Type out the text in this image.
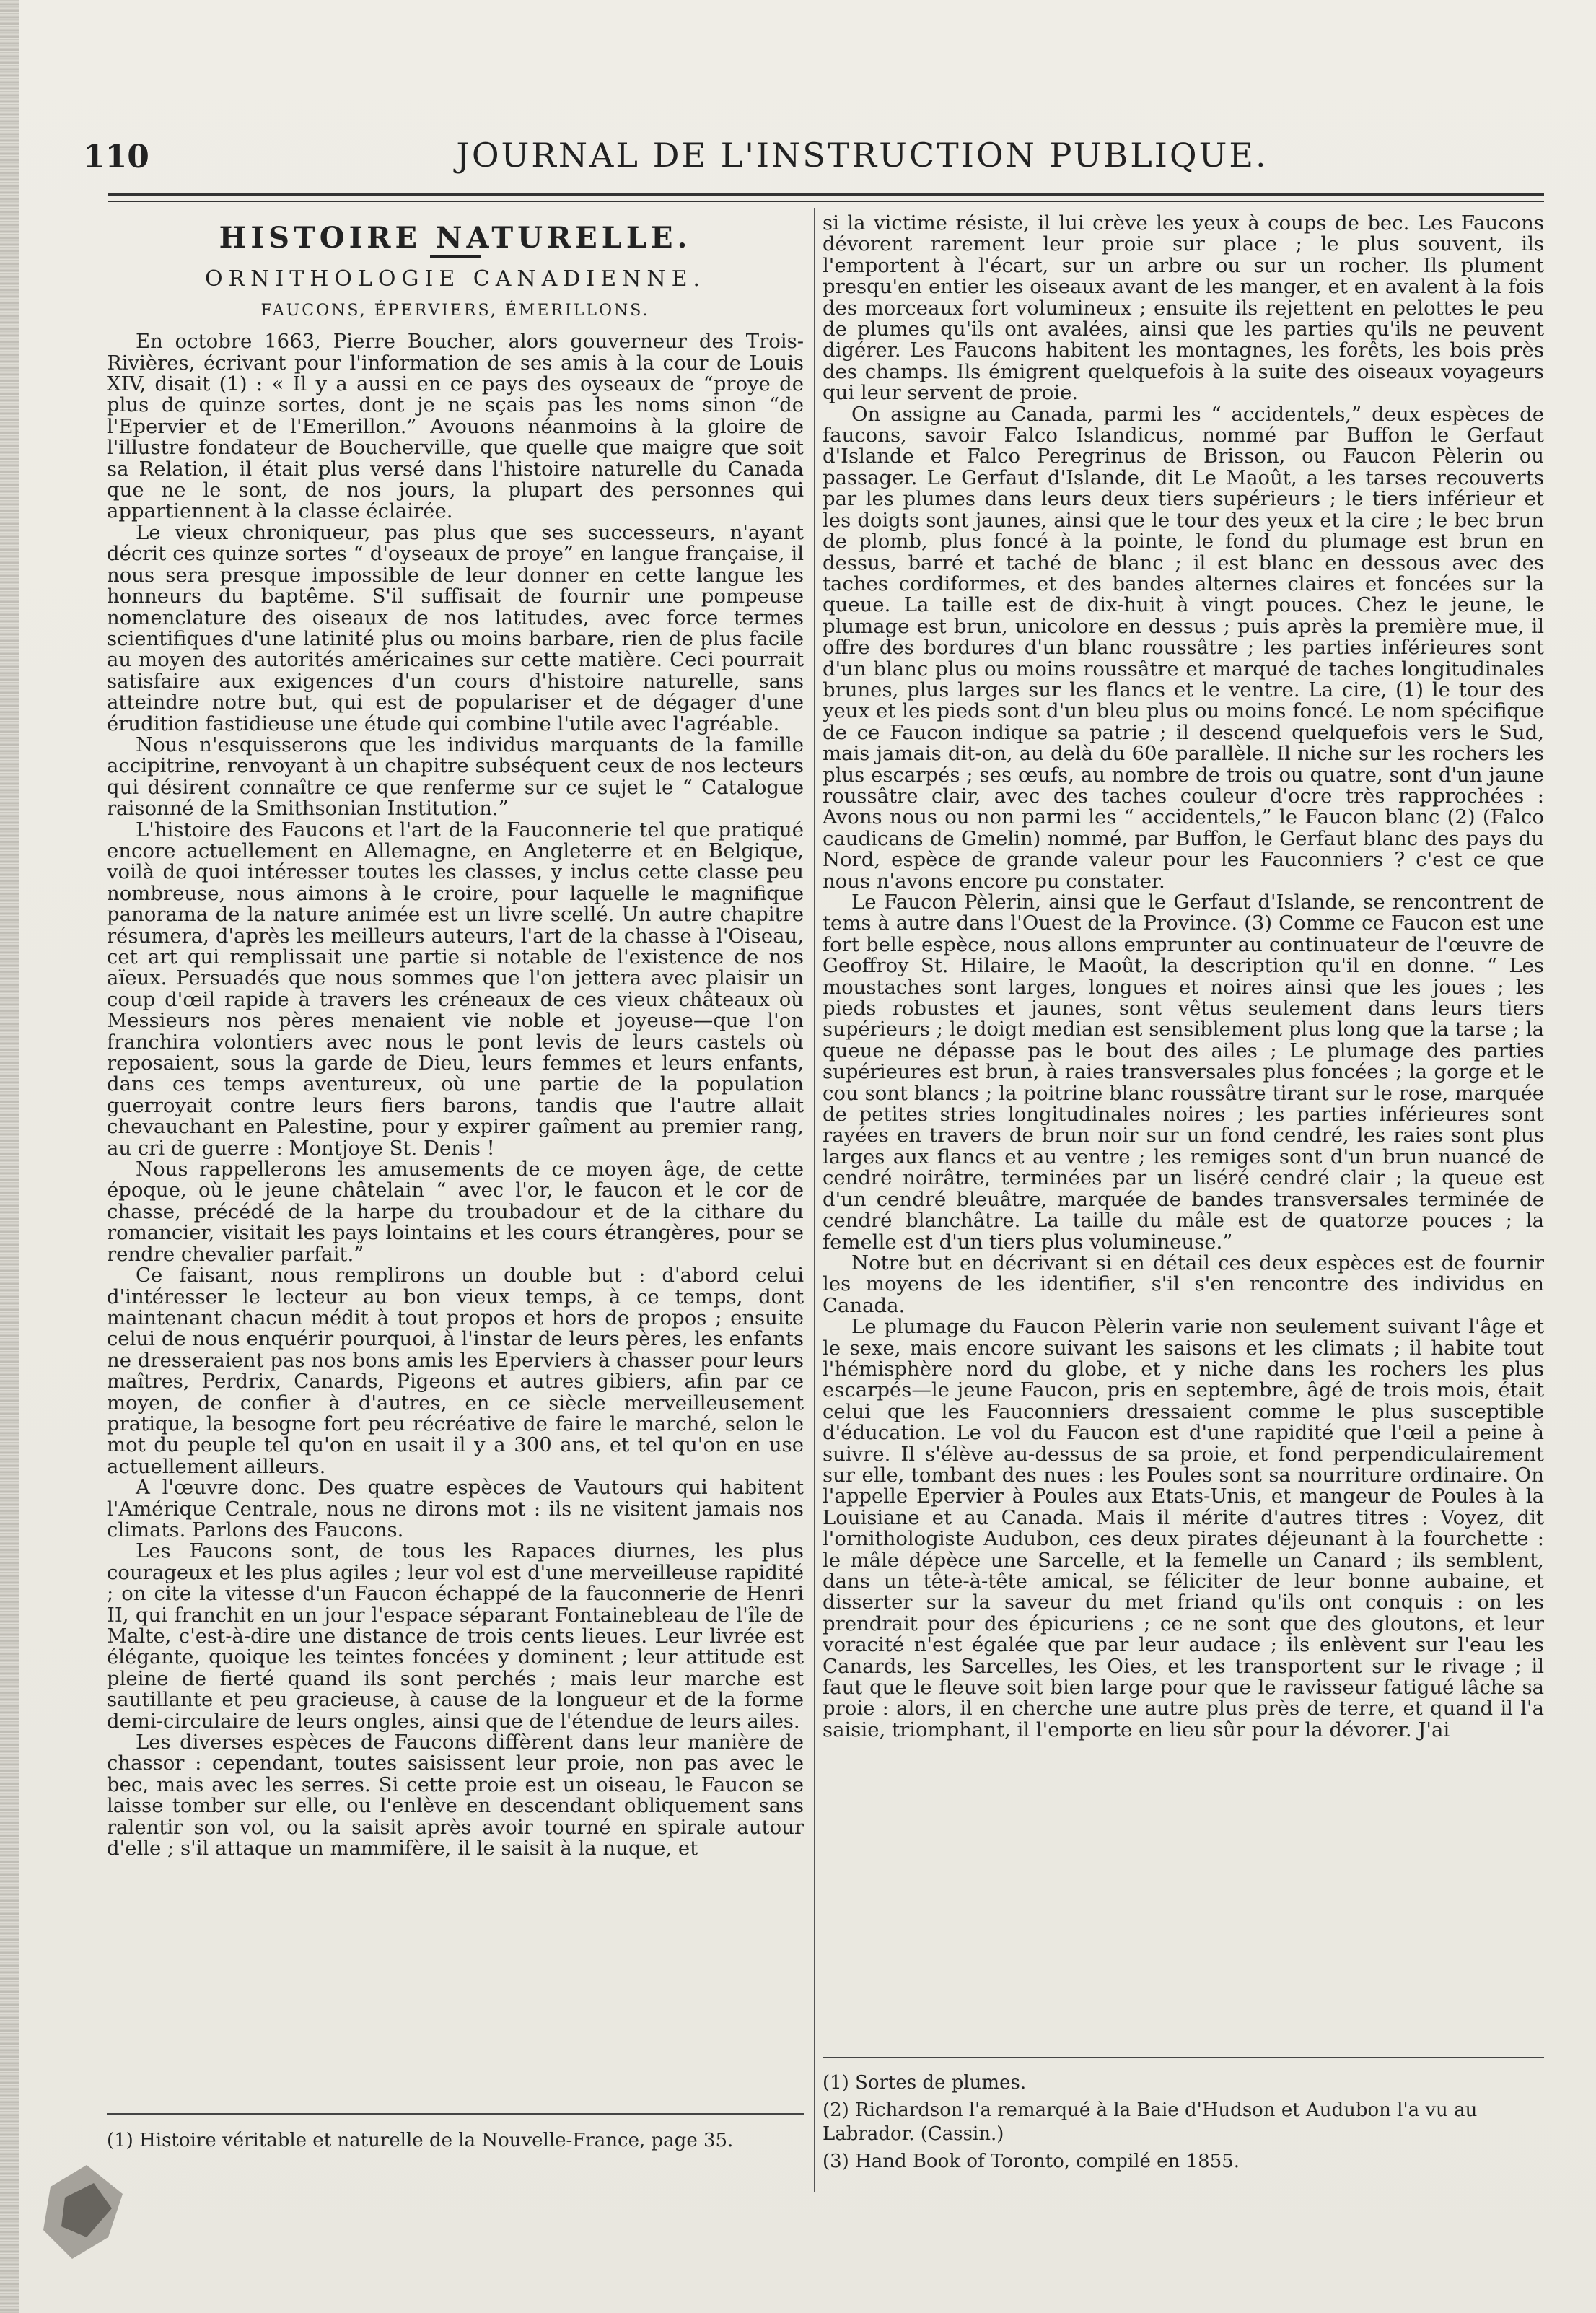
110	JOURNAL DE L'INSTRUCTION PUBLIQUE.
HISTOIRE NATURELLE.
ORNITHOLOGIE CANADIENNE.
FAUCONS, ÉPERVIERS, ÉMERILLONS.

En octobre 1663, Pierre Boucher, alors gouverneur des Trois-Rivières, écrivant pour l'information de ses amis à la cour de Louis XIV, disait (1) : « Il y a aussi en ce pays des oyseaux de “proye de plus de quinze sortes, dont je ne sçais pas les noms sinon “de l'Epervier et de l'Emerillon.” Avouons néanmoins à la gloire de l'illustre fondateur de Boucherville, que quelle que maigre que soit sa Relation, il était plus versé dans l'histoire naturelle du Canada que ne le sont, de nos jours, la plupart des personnes qui appartiennent à la classe éclairée.

Le vieux chroniqueur, pas plus que ses successeurs, n'ayant décrit ces quinze sortes “ d'oyseaux de proye” en langue française, il nous sera presque impossible de leur donner en cette langue les honneurs du baptême. S'il suffisait de fournir une pompeuse nomenclature des oiseaux de nos latitudes, avec force termes scientifiques d'une latinité plus ou moins barbare, rien de plus facile au moyen des autorités américaines sur cette matière. Ceci pourrait satisfaire aux exigences d'un cours d'histoire naturelle, sans atteindre notre but, qui est de populariser et de dégager d'une érudition fastidieuse une étude qui combine l'utile avec l'agréable.

Nous n'esquisserons que les individus marquants de la famille accipitrine, renvoyant à un chapitre subséquent ceux de nos lecteurs qui désirent connaître ce que renferme sur ce sujet le “ Catalogue raisonné de la Smithsonian Institution.”

L'histoire des Faucons et l'art de la Fauconnerie tel que pratiqué encore actuellement en Allemagne, en Angleterre et en Belgique, voilà de quoi intéresser toutes les classes, y inclus cette classe peu nombreuse, nous aimons à le croire, pour laquelle le magnifique panorama de la nature animée est un livre scellé. Un autre chapitre résumera, d'après les meilleurs auteurs, l'art de la chasse à l'Oiseau, cet art qui remplissait une partie si notable de l'existence de nos aïeux. Persuadés que nous sommes que l'on jettera avec plaisir un coup d'œil rapide à travers les créneaux de ces vieux châteaux où Messieurs nos pères menaient vie noble et joyeuse—que l'on franchira volontiers avec nous le pont levis de leurs castels où reposaient, sous la garde de Dieu, leurs femmes et leurs enfants, dans ces temps aventureux, où une partie de la population guerroyait contre leurs fiers barons, tandis que l'autre allait chevauchant en Palestine, pour y expirer gaîment au premier rang, au cri de guerre : Montjoye St. Denis !

Nous rappellerons les amusements de ce moyen âge, de cette époque, où le jeune châtelain “ avec l'or, le faucon et le cor de chasse, précédé de la harpe du troubadour et de la cithare du romancier, visitait les pays lointains et les cours étrangères, pour se rendre chevalier parfait.”

Ce faisant, nous remplirons un double but : d'abord celui d'intéresser le lecteur au bon vieux temps, à ce temps, dont maintenant chacun médit à tout propos et hors de propos ; ensuite celui de nous enquérir pourquoi, à l'instar de leurs pères, les enfants ne dresseraient pas nos bons amis les Eperviers à chasser pour leurs maîtres, Perdrix, Canards, Pigeons et autres gibiers, afin par ce moyen, de confier à d'autres, en ce siècle merveilleusement pratique, la besogne fort peu récréative de faire le marché, selon le mot du peuple tel qu'on en usait il y a 300 ans, et tel qu'on en use actuellement ailleurs.

A l'œuvre donc. Des quatre espèces de Vautours qui habitent l'Amérique Centrale, nous ne dirons mot : ils ne visitent jamais nos climats. Parlons des Faucons.

Les Faucons sont, de tous les Rapaces diurnes, les plus courageux et les plus agiles ; leur vol est d'une merveilleuse rapidité ; on cite la vitesse d'un Faucon échappé de la fauconnerie de Henri II, qui franchit en un jour l'espace séparant Fontainebleau de l'île de Malte, c'est-à-dire une distance de trois cents lieues. Leur livrée est élégante, quoique les teintes foncées y dominent ; leur attitude est pleine de fierté quand ils sont perchés ; mais leur marche est sautillante et peu gracieuse, à cause de la longueur et de la forme demi-circulaire de leurs ongles, ainsi que de l'étendue de leurs ailes.

Les diverses espèces de Faucons diffèrent dans leur manière de chassor : cependant, toutes saisissent leur proie, non pas avec le bec, mais avec les serres. Si cette proie est un oiseau, le Faucon se laisse tomber sur elle, ou l'enlève en descendant obliquement sans ralentir son vol, ou la saisit après avoir tourné en spirale autour d'elle ; s'il attaque un mammifère, il le saisit à la nuque, et

si la victime résiste, il lui crève les yeux à coups de bec. Les Faucons dévorent rarement leur proie sur place ; le plus souvent, ils l'emportent à l'écart, sur un arbre ou sur un rocher. Ils plument presqu'en entier les oiseaux avant de les manger, et en avalent à la fois des morceaux fort volumineux ; ensuite ils rejettent en pelottes le peu de plumes qu'ils ont avalées, ainsi que les parties qu'ils ne peuvent digérer. Les Faucons habitent les montagnes, les forêts, les bois près des champs. Ils émigrent quelquefois à la suite des oiseaux voyageurs qui leur servent de proie.

On assigne au Canada, parmi les “ accidentels,” deux espèces de faucons, savoir Falco Islandicus, nommé par Buffon le Gerfaut d'Islande et Falco Peregrinus de Brisson, ou Faucon Pèlerin ou passager. Le Gerfaut d'Islande, dit Le Maoût, a les tarses recouverts par les plumes dans leurs deux tiers supérieurs ; le tiers inférieur et les doigts sont jaunes, ainsi que le tour des yeux et la cire ; le bec brun de plomb, plus foncé à la pointe, le fond du plumage est brun en dessus, barré et taché de blanc ; il est blanc en dessous avec des taches cordiformes, et des bandes alternes claires et foncées sur la queue. La taille est de dix-huit à vingt pouces. Chez le jeune, le plumage est brun, unicolore en dessus ; puis après la première mue, il offre des bordures d'un blanc roussâtre ; les parties inférieures sont d'un blanc plus ou moins roussâtre et marqué de taches longitudinales brunes, plus larges sur les flancs et le ventre. La cire, (1) le tour des yeux et les pieds sont d'un bleu plus ou moins foncé. Le nom spécifique de ce Faucon indique sa patrie ; il descend quelquefois vers le Sud, mais jamais dit-on, au delà du 60e parallèle. Il niche sur les rochers les plus escarpés ; ses œufs, au nombre de trois ou quatre, sont d'un jaune roussâtre clair, avec des taches couleur d'ocre très rapprochées : Avons nous ou non parmi les “ accidentels,” le Faucon blanc (2) (Falco caudicans de Gmelin) nommé, par Buffon, le Gerfaut blanc des pays du Nord, espèce de grande valeur pour les Fauconniers ? c'est ce que nous n'avons encore pu constater.

Le Faucon Pèlerin, ainsi que le Gerfaut d'Islande, se rencontrent de tems à autre dans l'Ouest de la Province. (3) Comme ce Faucon est une fort belle espèce, nous allons emprunter au continuateur de l'œuvre de Geoffroy St. Hilaire, le Maoût, la description qu'il en donne. “ Les moustaches sont larges, longues et noires ainsi que les joues ; les pieds robustes et jaunes, sont vêtus seulement dans leurs tiers supérieurs ; le doigt median est sensiblement plus long que la tarse ; la queue ne dépasse pas le bout des ailes ; Le plumage des parties supérieures est brun, à raies transversales plus foncées ; la gorge et le cou sont blancs ; la poitrine blanc roussâtre tirant sur le rose, marquée de petites stries longitudinales noires ; les parties inférieures sont rayées en travers de brun noir sur un fond cendré, les raies sont plus larges aux flancs et au ventre ; les remiges sont d'un brun nuancé de cendré noirâtre, terminées par un liséré cendré clair ; la queue est d'un cendré bleuâtre, marquée de bandes transversales terminée de cendré blanchâtre. La taille du mâle est de quatorze pouces ; la femelle est d'un tiers plus volumineuse.”

Notre but en décrivant si en détail ces deux espèces est de fournir les moyens de les identifier, s'il s'en rencontre des individus en Canada.

Le plumage du Faucon Pèlerin varie non seulement suivant l'âge et le sexe, mais encore suivant les saisons et les climats ; il habite tout l'hémisphère nord du globe, et y niche dans les rochers les plus escarpés—le jeune Faucon, pris en septembre, âgé de trois mois, était celui que les Fauconniers dressaient comme le plus susceptible d'éducation. Le vol du Faucon est d'une rapidité que l'œil a peine à suivre. Il s'élève au-dessus de sa proie, et fond perpendiculairement sur elle, tombant des nues : les Poules sont sa nourriture ordinaire. On l'appelle Epervier à Poules aux Etats-Unis, et mangeur de Poules à la Louisiane et au Canada. Mais il mérite d'autres titres : Voyez, dit l'ornithologiste Audubon, ces deux pirates déjeunant à la fourchette : le mâle dépèce une Sarcelle, et la femelle un Canard ; ils semblent, dans un tête-à-tête amical, se féliciter de leur bonne aubaine, et disserter sur la saveur du met friand qu'ils ont conquis : on les prendrait pour des épicuriens ; ce ne sont que des gloutons, et leur voracité n'est égalée que par leur audace ; ils enlèvent sur l'eau les Canards, les Sarcelles, les Oies, et les transportent sur le rivage ; il faut que le fleuve soit bien large pour que le ravisseur fatigué lâche sa proie : alors, il en cherche une autre plus près de terre, et quand il l'a saisie, triomphant, il l'emporte en lieu sûr pour la dévorer. J'ai

(1) Histoire véritable et naturelle de la Nouvelle-France, page 35.
(1) Sortes de plumes.
(2) Richardson l'a remarqué à la Baie d'Hudson et Audubon l'a vu au Labrador. (Cassin.)
(3) Hand Book of Toronto, compilé en 1855.
